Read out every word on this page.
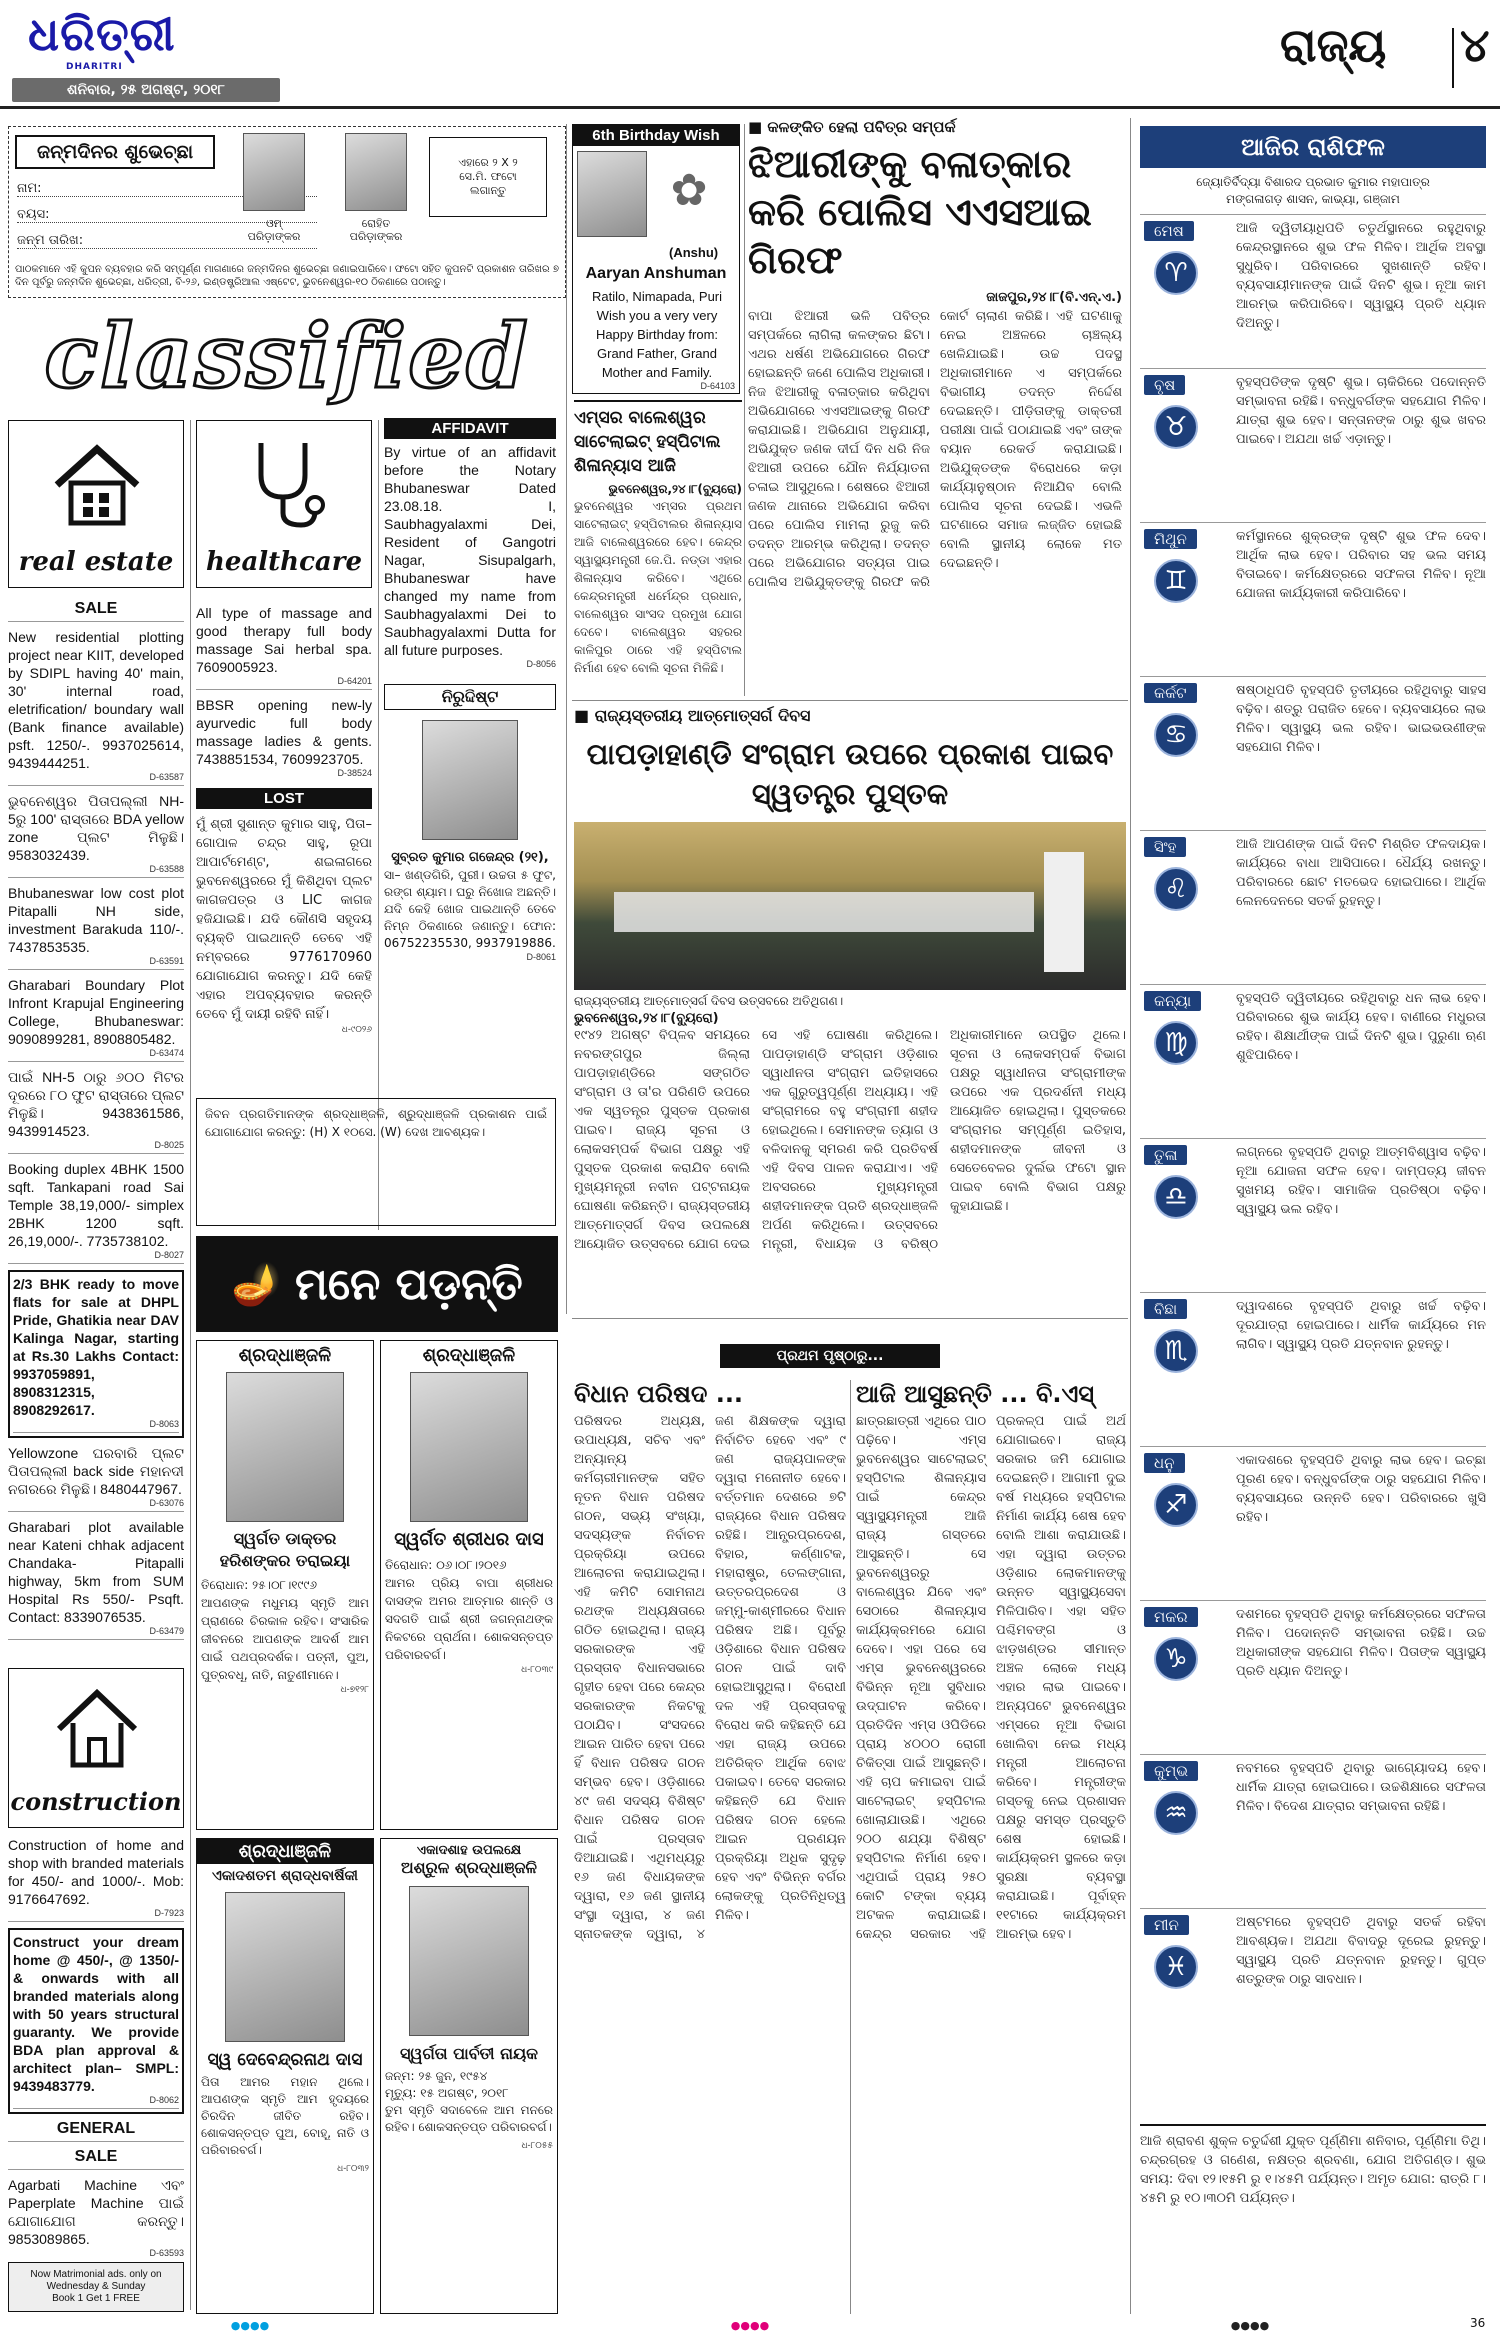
ଧରିତ୍ରୀ
DHARITRI
ଶନିବାର, ୨୫ ଅଗଷ୍ଟ, ୨୦୧୮
ରାଜ୍ୟ ୪
ଜନ୍ମଦିନର ଶୁଭେଚ୍ଛା
ନାମ:
ବୟସ:
ଜନ୍ମ ତାରିଖ:
ଓମ୍
ପରିଡ଼ାଙ୍କର
ରୋହିତ
ପରିଡ଼ାଙ୍କର
ଏହାରେ ୨ X ୨
ସେ.ମି. ଫଟୋ
ଲଗାନ୍ତୁ
ପାଠକମାନେ ଏହି କୁପନ ବ୍ୟବହାର କରି ସମ୍ପୂର୍ଣ୍ଣ ମାଗଣାରେ ଜନ୍ମଦିନର ଶୁଭେଚ୍ଛା ଜଣାଇପାରିବେ। ଫଟୋ ସହିତ କୁପନଟି ପ୍ରକାଶନ ତାରିଖର ୭ ଦିନ ପୂର୍ବରୁ ଜନ୍ମଦିନ ଶୁଭେଚ୍ଛା, ଧରିତ୍ରୀ, ବି-୨୬, ଇଣ୍ଡଷ୍ଟ୍ରିଆଲ ଏଷ୍ଟେଟ, ଭୁବନେଶ୍ୱର-୧୦ ଠିକଣାରେ ପଠାନ୍ତୁ।
6th Birthday Wish
✿
(Anshu)
Aaryan Anshuman
Ratilo, Nimapada, Puri
Wish you a very very Happy Birthday from: Grand Father, Grand Mother and Family.
D-64103
classified
real estate
SALE
New residential plotting project near KIIT, developed by SDIPL having 40' main, 30' internal road, eletrification/ boundary wall (Bank finance available) psft. 1250/-. 9937025614, 9439444251.
D-63587
ଭୁବନେଶ୍ୱର ପିତାପଲ୍ଲୀ NH-5ରୁ 100' ରାସ୍ତାରେ BDA yellow zone ପ୍ଲଟ ମିଳୁଛି। 9583032439.
D-63588
Bhubaneswar low cost plot Pitapalli NH side, investment Barakuda 110/-. 7437853535.
D-63591
Gharabari Boundary Plot Infront Krapujal Engineering College, Bhubaneswar: 9090899281, 8908805482.
D-63474
ପାଇଁ NH-5 ଠାରୁ ୬୦୦ ମିଟର ଦୂରରେ ୮୦ ଫୁଟ ରାସ୍ତାରେ ପ୍ଲଟ ମିଳୁଛି। 9438361586, 9439914523.
D-8025
Booking duplex 4BHK 1500 sqft. Tankapani road Sai Temple 38,19,000/- simplex 2BHK 1200 sqft. 26,19,000/-. 7735738102.
D-8027
2/3 BHK ready to move flats for sale at DHPL Pride, Ghatikia near DAV Kalinga Nagar, starting at Rs.30 Lakhs Contact: 9937059891, 8908312315, 8908292617.
D-8063
Yellowzone ଘରବାରି ପ୍ଲଟ ପିତାପଲ୍ଲୀ back side ମହାନଦୀ ନଗରରେ ମିଳୁଛି। 8480447967.
D-63076
Gharabari plot available near Kateni chhak adjacent Chandaka- Pitapalli highway, 5km from SUM Hospital Rs 550/- Psqft. Contact: 8339076535.
D-63479
construction
Construction of home and shop with branded materials for 450/- and 1000/-. Mob: 9176647692.
D-7923
Construct your dream home @ 450/-, @ 1350/- & onwards with all branded materials along with 50 years structural guaranty. We provide BDA plan approval & architect plan– SMPL: 9439483779.
D-8062
GENERAL
SALE
Agarbati Machine ଏବଂ Paperplate Machine ପାଇଁ ଯୋଗାଯୋଗ କରନ୍ତୁ। 9853089865.
D-63593
Now Matrimonial ads. only on Wednesday & Sunday
Book 1 Get 1 FREE
healthcare
All type of massage and good therapy full body massage Sai herbal spa. 7609005923.
D-64201
BBSR opening new-ly ayurvedic full body massage ladies & gents. 7438851534, 7609923705.
D-38524
LOST
ମୁଁ ଶ୍ରୀ ସୁଶାନ୍ତ କୁମାର ସାହୁ, ପିତା– ଗୋପାଳ ଚନ୍ଦ୍ର ସାହୁ, ରୂପା ଆପାର୍ଟମେଣ୍ଟ, ଶଇଳାଗରେ ଭୁବନେଶ୍ୱରରେ ମୁଁ କିଶିଥିବା ପ୍ଲଟ କାଗଜପତ୍ର ଓ LIC କାଗଜ ହଜିଯାଇଛି। ଯଦି କୌଣସି ସହୃଦୟ ବ୍ୟକ୍ତି ପାଇଥାନ୍ତି ତେବେ ଏହି ନମ୍ବରରେ 9776170960 ଯୋଗାଯୋଗ କରନ୍ତୁ। ଯଦି କେହି ଏହାର ଅପବ୍ୟବହାର କରନ୍ତି ତେବେ ମୁଁ ଦାୟୀ ରହିବି ନାହିଁ।
ଧ-୯୦୨୬
AFFIDAVIT
By virtue of an affidavit before the Notary Bhubaneswar Dated 23.08.18. I, Saubhagyalaxmi Dei, Resident of Gangotri Nagar, Sisupalgarh, Bhubaneswar have changed my name from Saubhagyalaxmi Dei to Saubhagyalaxmi Dutta for all future purposes.
D-8056
ନିରୁଦ୍ଦିଷ୍ଟ
ସୁବ୍ରତ କୁମାର ଗଜେନ୍ଦ୍ର (୨୧),
ସା– ଖଣ୍ଡଗିରି, ପୁରୀ। ଉଚ୍ଚତା ୫ ଫୁଟ, ରଙ୍ଗ ଶ୍ୟାମ। ଘରୁ ନିଖୋଜ ଅଛନ୍ତି। ଯଦି କେହି ଖୋଜ ପାଇଥାନ୍ତି ତେବେ ନିମ୍ନ ଠିକଣାରେ ଜଣାନ୍ତୁ। ଫୋନ: 06752235530, 9937919886.
D-8061
ଜିବନ ପ୍ରଗତିମାନଙ୍କ ଶ୍ରଦ୍ଧାଞ୍ଜଳି, ଶ୍ରୁଦ୍ଧାଞ୍ଜଳି ପ୍ରକାଶନ ପାଇଁ ଯୋଗାଯୋଗ କରନ୍ତୁ: (H) X ୧୦ସେ. (W) ଦେଖ ଆବଶ୍ୟକ।
🪔 ମନେ ପଡ଼ନ୍ତି
ଶ୍ରଦ୍ଧାଞ୍ଜଳି
ସ୍ୱର୍ଗତ ଡାକ୍ତର ହରିଶଙ୍କର ତରାଇୟା
ତିରୋଧାନ: ୨୫।୦୮।୧୯୯୬
ଆପଣଙ୍କ ମଧୁମୟ ସ୍ମୃତି ଆମ ପ୍ରାଣରେ ଚିରକାଳ ରହିବ। ସଂସାରିକ ଜୀବନରେ ଆପଣଙ୍କ ଆଦର୍ଶ ଆମ ପାଇଁ ପଥପ୍ରଦର୍ଶକ। ପତ୍ନୀ, ପୁଅ, ପୁତ୍ରବଧୂ, ନାତି, ନାତୁଣୀମାନେ।
ଧ-୭୧୨୮
ଶ୍ରଦ୍ଧାଞ୍ଜଳି
ସ୍ୱର୍ଗତ ଶ୍ରୀଧର ଦାସ
ତିରୋଧାନ: ୦୬।୦୮।୨୦୧୬
ଆମର ପ୍ରିୟ ବାପା ଶ୍ରୀଧର ଦାସଙ୍କ ଅମର ଆତ୍ମାର ଶାନ୍ତି ଓ ସଦଗତି ପାଇଁ ଶ୍ରୀ ଜଗନ୍ନାଥଙ୍କ ନିକଟରେ ପ୍ରାର୍ଥନା। ଶୋକସନ୍ତପ୍ତ ପରିବାରବର୍ଗ।
ଧ-୮୦୩୯
ଶ୍ରଦ୍ଧାଞ୍ଜଳି
ଏକାଦଶତମ ଶ୍ରାଦ୍ଧବାର୍ଷିକୀ
ସ୍ୱ ଦେବେନ୍ଦ୍ରନାଥ ଦାସ
ପିତା ଆମର ମହାନ ଥିଲେ। ଆପଣଙ୍କ ସ୍ମୃତି ଆମ ହୃଦୟରେ ଚିରଦିନ ଜୀବିତ ରହିବ। ଶୋକସନ୍ତପ୍ତ ପୁଅ, ବୋହୂ, ନାତି ଓ ପରିବାରବର୍ଗ।
ଧ-୮୦୩୨
ଏକାଦଶାହ ଉପଲକ୍ଷେ
ଅଶ୍ରୁଳ ଶ୍ରଦ୍ଧାଞ୍ଜଳି
ସ୍ୱର୍ଗତା ପାର୍ବତୀ ନାୟକ
ଜନ୍ମ: ୨୫ ଜୁନ, ୧୯୫୪
ମୃତ୍ୟୁ: ୧୫ ଅଗଷ୍ଟ, ୨୦୧୮
ତୁମ ସ୍ମୃତି ସଦାବେଳେ ଆମ ମନରେ ରହିବ। ଶୋକସନ୍ତପ୍ତ ପରିବାରବର୍ଗ।
ଧ-୮୦୫୫
■ କଳଙ୍କିତ ହେଲା ପବିତ୍ର ସମ୍ପର୍କ
ଝିଆରୀଙ୍କୁ ବଳାତ୍କାର କରି ପୋଲିସ ଏଏସଆଇ ଗିରଫ
ଜାଜପୁର,୨୪।୮(ବି.ଏନ୍.ଏ.)
ବାପା ଝିଆରୀ ଭଳି ପବିତ୍ର ସମ୍ପର୍କରେ ଲାଗିଲା କଳଙ୍କର ଛିଟା। ଏଥର ଧର୍ଷଣ ଅଭିଯୋଗରେ ଗିରଫ ହୋଇଛନ୍ତି ଜଣେ ପୋଲିସ ଅଧିକାରୀ। ନିଜ ଝିଆରୀକୁ ବଳାତ୍କାର କରିଥିବା ଅଭିଯୋଗରେ ଏଏସଆଇଙ୍କୁ ଗିରଫ କରାଯାଇଛି। ଅଭିଯୋଗ ଅନୁଯାୟୀ, ଅଭିଯୁକ୍ତ ଜଣକ ଦୀର୍ଘ ଦିନ ଧରି ନିଜ ଝିଆରୀ ଉପରେ ଯୌନ ନିର୍ଯ୍ୟାତନା ଚଳାଇ ଆସୁଥିଲେ। ଶେଷରେ ଝିଆରୀ ଜଣକ ଥାନାରେ ଅଭିଯୋଗ କରିବା ପରେ ପୋଲିସ ମାମଲା ରୁଜୁ କରି ତଦନ୍ତ ଆରମ୍ଭ କରିଥିଲା। ତଦନ୍ତ ପରେ ଅଭିଯୋଗର ସତ୍ୟତା ପାଇ ପୋଲିସ ଅଭିଯୁକ୍ତଙ୍କୁ ଗିରଫ କରି କୋର୍ଟ ଚାଲାଣ କରିଛି। ଏହି ଘଟଣାକୁ ନେଇ ଅଞ୍ଚଳରେ ଚାଞ୍ଚଲ୍ୟ ଖେଳିଯାଇଛି। ଉଚ୍ଚ ପଦସ୍ଥ ଅଧିକାରୀମାନେ ଏ ସମ୍ପର୍କରେ ବିଭାଗୀୟ ତଦନ୍ତ ନିର୍ଦ୍ଦେଶ ଦେଇଛନ୍ତି। ପୀଡ଼ିତାଙ୍କୁ ଡାକ୍ତରୀ ପରୀକ୍ଷା ପାଇଁ ପଠାଯାଇଛି ଏବଂ ତାଙ୍କ ବୟାନ ରେକର୍ଡ କରାଯାଇଛି। ଅଭିଯୁକ୍ତଙ୍କ ବିରୋଧରେ କଡ଼ା କାର୍ଯ୍ୟାନୁଷ୍ଠାନ ନିଆଯିବ ବୋଲି ପୋଲିସ ସୂଚନା ଦେଇଛି। ଏଭଳି ଘଟଣାରେ ସମାଜ ଲଜ୍ଜିତ ହୋଇଛି ବୋଲି ସ୍ଥାନୀୟ ଲୋକେ ମତ ଦେଇଛନ୍ତି।
ଏମ୍‌ସର ବାଲେଶ୍ୱର ସାଟେଲାଇଟ୍ ହସ୍ପିଟାଲ ଶିଳାନ୍ୟାସ ଆଜି
ଭୁବନେଶ୍ୱର,୨୪।୮(ବ୍ୟୁରୋ)
ଭୁବନେଶ୍ୱର ଏମ୍‌ସର ପ୍ରଥମ ସାଟେଲାଇଟ୍ ହସ୍ପିଟାଲର ଶିଳାନ୍ୟାସ ଆଜି ବାଲେଶ୍ୱରରେ ହେବ। କେନ୍ଦ୍ର ସ୍ୱାସ୍ଥ୍ୟମନ୍ତ୍ରୀ ଜେ.ପି. ନଡ୍ଡା ଏହାର ଶିଳାନ୍ୟାସ କରିବେ। ଏଥିରେ କେନ୍ଦ୍ରମନ୍ତ୍ରୀ ଧର୍ମେନ୍ଦ୍ର ପ୍ରଧାନ, ବାଲେଶ୍ୱର ସାଂସଦ ପ୍ରମୁଖ ଯୋଗ ଦେବେ। ବାଲେଶ୍ୱର ସହରର କାଳିପୁର ଠାରେ ଏହି ହସ୍ପିଟାଲ ନିର୍ମାଣ ହେବ ବୋଲି ସୂଚନା ମିଳିଛି।
■ ରାଜ୍ୟସ୍ତରୀୟ ଆତ୍ମୋତ୍ସର୍ଗ ଦିବସ
ପାପଡ଼ାହାଣ୍ଡି ସଂଗ୍ରାମ ଉପରେ ପ୍ରକାଶ ପାଇବ ସ୍ୱତନ୍ତ୍ର ପୁସ୍ତକ
ରାଜ୍ୟସ୍ତରୀୟ ଆତ୍ମୋତ୍ସର୍ଗ ଦିବସ ଉତ୍ସବରେ ଅତିଥିଗଣ।
ଭୁବନେଶ୍ୱର,୨୪।୮(ବ୍ୟୁରୋ)
୧୯୪୨ ଅଗଷ୍ଟ ବିପ୍ଳବ ସମୟରେ ନବରଙ୍ଗପୁର ଜିଲ୍ଲା ପାପଡ଼ାହାଣ୍ଡିରେ ସଙ୍ଗଠିତ ସଂଗ୍ରାମ ଓ ତା'ର ପରିଣତି ଉପରେ ଏକ ସ୍ୱତନ୍ତ୍ର ପୁସ୍ତକ ପ୍ରକାଶ ପାଇବ। ରାଜ୍ୟ ସୂଚନା ଓ ଲୋକସମ୍ପର୍କ ବିଭାଗ ପକ୍ଷରୁ ଏହି ପୁସ୍ତକ ପ୍ରକାଶ କରାଯିବ ବୋଲି ମୁଖ୍ୟମନ୍ତ୍ରୀ ନବୀନ ପଟ୍ଟନାୟକ ଘୋଷଣା କରିଛନ୍ତି। ରାଜ୍ୟସ୍ତରୀୟ ଆତ୍ମୋତ୍ସର୍ଗ ଦିବସ ଉପଲକ୍ଷେ ଆୟୋଜିତ ଉତ୍ସବରେ ଯୋଗ ଦେଇ ସେ ଏହି ଘୋଷଣା କରିଥିଲେ। ପାପଡ଼ାହାଣ୍ଡି ସଂଗ୍ରାମ ଓଡ଼ିଶାର ସ୍ୱାଧୀନତା ସଂଗ୍ରାମ ଇତିହାସରେ ଏକ ଗୁରୁତ୍ୱପୂର୍ଣ୍ଣ ଅଧ୍ୟାୟ। ଏହି ସଂଗ୍ରାମରେ ବହୁ ସଂଗ୍ରାମୀ ଶହୀଦ ହୋଇଥିଲେ। ସେମାନଙ୍କ ତ୍ୟାଗ ଓ ବଳିଦାନକୁ ସ୍ମରଣ କରି ପ୍ରତିବର୍ଷ ଏହି ଦିବସ ପାଳନ କରାଯାଏ। ଏହି ଅବସରରେ ମୁଖ୍ୟମନ୍ତ୍ରୀ ଶହୀଦମାନଙ୍କ ପ୍ରତି ଶ୍ରଦ୍ଧାଞ୍ଜଳି ଅର୍ପଣ କରିଥିଲେ। ଉତ୍ସବରେ ମନ୍ତ୍ରୀ, ବିଧାୟକ ଓ ବରିଷ୍ଠ ଅଧିକାରୀମାନେ ଉପସ୍ଥିତ ଥିଲେ। ସୂଚନା ଓ ଲୋକସମ୍ପର୍କ ବିଭାଗ ପକ୍ଷରୁ ସ୍ୱାଧୀନତା ସଂଗ୍ରାମୀଙ୍କ ଉପରେ ଏକ ପ୍ରଦର୍ଶନୀ ମଧ୍ୟ ଆୟୋଜିତ ହୋଇଥିଲା। ପୁସ୍ତକରେ ସଂଗ୍ରାମର ସମ୍ପୂର୍ଣ୍ଣ ଇତିହାସ, ଶହୀଦମାନଙ୍କ ଜୀବନୀ ଓ ସେତେବେଳର ଦୁର୍ଲଭ ଫଟୋ ସ୍ଥାନ ପାଇବ ବୋଲି ବିଭାଗ ପକ୍ଷରୁ କୁହାଯାଇଛି।
ପ୍ରଥମ ପୃଷ୍ଠାରୁ...
ବିଧାନ ପରିଷଦ ...
ପରିଷଦର ଅଧ୍ୟକ୍ଷ, ଉପାଧ୍ୟକ୍ଷ, ସଚିବ ଏବଂ ଅନ୍ୟାନ୍ୟ କର୍ମଚାରୀମାନଙ୍କ ସହିତ ନୂତନ ବିଧାନ ପରିଷଦ ଗଠନ, ସଭ୍ୟ ସଂଖ୍ୟା, ସଦସ୍ୟଙ୍କ ନିର୍ବାଚନ ପ୍ରକ୍ରିୟା ଉପରେ ଆଲୋଚନା କରାଯାଇଥିଲା। ଏହି କମିଟି ସୋମନାଥ ରଥଙ୍କ ଅଧ୍ୟକ୍ଷତାରେ ଗଠିତ ହୋଇଥିଲା। ରାଜ୍ୟ ସରକାରଙ୍କ ଏହି ପ୍ରସ୍ତାବ ବିଧାନସଭାରେ ଗୃହୀତ ହେବା ପରେ କେନ୍ଦ୍ର ସରକାରଙ୍କ ନିକଟକୁ ପଠାଯିବ। ସଂସଦରେ ଆଇନ ପାରିତ ହେବା ପରେ ହିଁ ବିଧାନ ପରିଷଦ ଗଠନ ସମ୍ଭବ ହେବ। ଓଡ଼ିଶାରେ ୪୯ ଜଣ ସଦସ୍ୟ ବିଶିଷ୍ଟ ବିଧାନ ପରିଷଦ ଗଠନ ପାଇଁ ପ୍ରସ୍ତାବ ଦିଆଯାଇଛି। ଏଥିମଧ୍ୟରୁ ୧୬ ଜଣ ବିଧାୟକଙ୍କ ଦ୍ୱାରା, ୧୬ ଜଣ ସ୍ଥାନୀୟ ସଂସ୍ଥା ଦ୍ୱାରା, ୪ ଜଣ ସ୍ନାତକଙ୍କ ଦ୍ୱାରା, ୪ ଜଣ ଶିକ୍ଷକଙ୍କ ଦ୍ୱାରା ନିର୍ବାଚିତ ହେବେ ଏବଂ ୯ ଜଣ ରାଜ୍ୟପାଳଙ୍କ ଦ୍ୱାରା ମନୋନୀତ ହେବେ। ବର୍ତ୍ତମାନ ଦେଶରେ ୭ଟି ରାଜ୍ୟରେ ବିଧାନ ପରିଷଦ ରହିଛି। ଆନ୍ଧ୍ରପ୍ରଦେଶ, ବିହାର, କର୍ଣ୍ଣାଟକ, ମହାରାଷ୍ଟ୍ର, ତେଲଙ୍ଗାନା, ଉତ୍ତରପ୍ରଦେଶ ଓ ଜମ୍ମୁ-କାଶ୍ମୀରରେ ବିଧାନ ପରିଷଦ ଅଛି। ପୂର୍ବରୁ ଓଡ଼ିଶାରେ ବିଧାନ ପରିଷଦ ଗଠନ ପାଇଁ ଦାବି ହୋଇଆସୁଥିଲା। ବିରୋଧୀ ଦଳ ଏହି ପ୍ରସ୍ତାବକୁ ବିରୋଧ କରି କହିଛନ୍ତି ଯେ ଏହା ରାଜ୍ୟ ଉପରେ ଅତିରିକ୍ତ ଆର୍ଥିକ ବୋଝ ପକାଇବ। ତେବେ ସରକାର କହିଛନ୍ତି ଯେ ବିଧାନ ପରିଷଦ ଗଠନ ହେଲେ ଆଇନ ପ୍ରଣୟନ ପ୍ରକ୍ରିୟା ଅଧିକ ସୁଦୃଢ଼ ହେବ ଏବଂ ବିଭିନ୍ନ ବର୍ଗର ଲୋକଙ୍କୁ ପ୍ରତିନିଧିତ୍ୱ ମିଳିବ।
ଆଜି ଆସୁଛନ୍ତି ... ବି.ଏସ୍
ଛାତ୍ରଛାତ୍ରୀ ଏଥିରେ ପାଠ ପଢ଼ିବେ। ଏମ୍‌ସ ଭୁବନେଶ୍ୱର ସାଟେଲାଇଟ୍ ହସ୍ପିଟାଲ ଶିଳାନ୍ୟାସ ପାଇଁ କେନ୍ଦ୍ର ସ୍ୱାସ୍ଥ୍ୟମନ୍ତ୍ରୀ ଆଜି ରାଜ୍ୟ ଗସ୍ତରେ ଆସୁଛନ୍ତି। ସେ ଭୁବନେଶ୍ୱରରୁ ବାଲେଶ୍ୱର ଯିବେ ଏବଂ ସେଠାରେ ଶିଳାନ୍ୟାସ କାର୍ଯ୍ୟକ୍ରମରେ ଯୋଗ ଦେବେ। ଏହା ପରେ ସେ ଏମ୍‌ସ ଭୁବନେଶ୍ୱରରେ ବିଭିନ୍ନ ନୂଆ ସୁବିଧାର ଉଦ୍‌ଘାଟନ କରିବେ। ପ୍ରତିଦିନ ଏମ୍‌ସ ଓପିଡିରେ ପ୍ରାୟ ୪୦୦୦ ରୋଗୀ ଚିକିତ୍ସା ପାଇଁ ଆସୁଛନ୍ତି। ଏହି ଚାପ କମାଇବା ପାଇଁ ସାଟେଲାଇଟ୍ ହସ୍ପିଟାଲ ଖୋଲାଯାଉଛି। ଏଥିରେ ୨୦୦ ଶଯ୍ୟା ବିଶିଷ୍ଟ ହସ୍ପିଟାଲ ନିର୍ମାଣ ହେବ। ଏଥିପାଇଁ ପ୍ରାୟ ୨୫୦ କୋଟି ଟଙ୍କା ବ୍ୟୟ ଅଟକଳ କରାଯାଇଛି। କେନ୍ଦ୍ର ସରକାର ଏହି ପ୍ରକଳ୍ପ ପାଇଁ ଅର୍ଥ ଯୋଗାଇବେ। ରାଜ୍ୟ ସରକାର ଜମି ଯୋଗାଇ ଦେଇଛନ୍ତି। ଆଗାମୀ ଦୁଇ ବର୍ଷ ମଧ୍ୟରେ ହସ୍ପିଟାଲ ନିର୍ମାଣ କାର୍ଯ୍ୟ ଶେଷ ହେବ ବୋଲି ଆଶା କରାଯାଉଛି। ଏହା ଦ୍ୱାରା ଉତ୍ତର ଓଡ଼ିଶାର ଲୋକମାନଙ୍କୁ ଉନ୍ନତ ସ୍ୱାସ୍ଥ୍ୟସେବା ମିଳିପାରିବ। ଏହା ସହିତ ପଶ୍ଚିମବଙ୍ଗ ଓ ଝାଡ଼ଖଣ୍ଡର ସୀମାନ୍ତ ଅଞ୍ଚଳ ଲୋକେ ମଧ୍ୟ ଏହାର ଲାଭ ପାଇବେ। ଅନ୍ୟପଟେ ଭୁବନେଶ୍ୱର ଏମ୍‌ସରେ ନୂଆ ବିଭାଗ ଖୋଲିବା ନେଇ ମଧ୍ୟ ମନ୍ତ୍ରୀ ଆଲୋଚନା କରିବେ। ମନ୍ତ୍ରୀଙ୍କ ଗସ୍ତକୁ ନେଇ ପ୍ରଶାସନ ପକ୍ଷରୁ ସମସ୍ତ ପ୍ରସ୍ତୁତି ଶେଷ ହୋଇଛି। କାର୍ଯ୍ୟକ୍ରମ ସ୍ଥଳରେ କଡ଼ା ସୁରକ୍ଷା ବ୍ୟବସ୍ଥା କରାଯାଇଛି। ପୂର୍ବାହ୍ନ ୧୧ଟାରେ କାର୍ଯ୍ୟକ୍ରମ ଆରମ୍ଭ ହେବ।
ଆଜିର ରାଶିଫଳ
ଜ୍ୟୋତିର୍ବିଦ୍ୟା ବିଶାରଦ ପ୍ରଭାତ କୁମାର ମହାପାତ୍ର
ମଙ୍ଗଳାଗଡ଼ ଶାସନ, କାଭ୍ୟା, ଗଞ୍ଜାମ
ମେଷ
♈
ଆଜି ଦ୍ୱିତୀୟାଧିପତି ଚତୁର୍ଥସ୍ଥାନରେ ରହୁଥିବାରୁ କେନ୍ଦ୍ରସ୍ଥାନରେ ଶୁଭ ଫଳ ମିଳିବ। ଆର୍ଥିକ ଅବସ୍ଥା ସୁଧୁରିବ। ପରିବାରରେ ସୁଖଶାନ୍ତି ରହିବ। ବ୍ୟବସାୟୀମାନଙ୍କ ପାଇଁ ଦିନଟି ଶୁଭ। ନୂଆ କାମ ଆରମ୍ଭ କରିପାରିବେ। ସ୍ୱାସ୍ଥ୍ୟ ପ୍ରତି ଧ୍ୟାନ ଦିଅନ୍ତୁ।
ବୃଷ
♉
ବୃହସ୍ପତିଙ୍କ ଦୃଷ୍ଟି ଶୁଭ। ଚାକିରିରେ ପଦୋନ୍ନତି ସମ୍ଭାବନା ରହିଛି। ବନ୍ଧୁବର୍ଗଙ୍କ ସହଯୋଗ ମିଳିବ। ଯାତ୍ରା ଶୁଭ ହେବ। ସନ୍ତାନଙ୍କ ଠାରୁ ଶୁଭ ଖବର ପାଇବେ। ଅଯଥା ଖର୍ଚ୍ଚ ଏଡ଼ାନ୍ତୁ।
ମିଥୁନ
♊
କର୍ମସ୍ଥାନରେ ଶୁକ୍ରଙ୍କ ଦୃଷ୍ଟି ଶୁଭ ଫଳ ଦେବ। ଆର୍ଥିକ ଲାଭ ହେବ। ପରିବାର ସହ ଭଲ ସମୟ ବିତାଇବେ। କର୍ମକ୍ଷେତ୍ରରେ ସଫଳତା ମିଳିବ। ନୂଆ ଯୋଜନା କାର୍ଯ୍ୟକାରୀ କରିପାରିବେ।
କର୍କଟ
♋
ଷଷ୍ଠାଧିପତି ବୃହସ୍ପତି ତୃତୀୟରେ ରହିଥିବାରୁ ସାହସ ବଢ଼ିବ। ଶତ୍ରୁ ପରାଜିତ ହେବେ। ବ୍ୟବସାୟରେ ଲାଭ ମିଳିବ। ସ୍ୱାସ୍ଥ୍ୟ ଭଲ ରହିବ। ଭାଇଭଉଣୀଙ୍କ ସହଯୋଗ ମିଳିବ।
ସିଂହ
♌
ଆଜି ଆପଣଙ୍କ ପାଇଁ ଦିନଟି ମିଶ୍ରିତ ଫଳଦାୟକ। କାର୍ଯ୍ୟରେ ବାଧା ଆସିପାରେ। ଧୈର୍ଯ୍ୟ ରଖନ୍ତୁ। ପରିବାରରେ ଛୋଟ ମତଭେଦ ହୋଇପାରେ। ଆର୍ଥିକ ଲେନଦେନରେ ସତର୍କ ରୁହନ୍ତୁ।
କନ୍ୟା
♍
ବୃହସ୍ପତି ଦ୍ୱିତୀୟରେ ରହିଥିବାରୁ ଧନ ଲାଭ ହେବ। ପରିବାରରେ ଶୁଭ କାର୍ଯ୍ୟ ହେବ। ବାଣୀରେ ମଧୁରତା ରହିବ। ଶିକ୍ଷାର୍ଥୀଙ୍କ ପାଇଁ ଦିନଟି ଶୁଭ। ପୁରୁଣା ଋଣ ଶୁଝିପାରିବେ।
ତୁଳା
♎
ଲଗ୍ନରେ ବୃହସ୍ପତି ଥିବାରୁ ଆତ୍ମବିଶ୍ୱାସ ବଢ଼ିବ। ନୂଆ ଯୋଜନା ସଫଳ ହେବ। ଦାମ୍ପତ୍ୟ ଜୀବନ ସୁଖମୟ ରହିବ। ସାମାଜିକ ପ୍ରତିଷ୍ଠା ବଢ଼ିବ। ସ୍ୱାସ୍ଥ୍ୟ ଭଲ ରହିବ।
ବିଛା
♏
ଦ୍ୱାଦଶରେ ବୃହସ୍ପତି ଥିବାରୁ ଖର୍ଚ୍ଚ ବଢ଼ିବ। ଦୂରଯାତ୍ରା ହୋଇପାରେ। ଧାର୍ମିକ କାର୍ଯ୍ୟରେ ମନ ଲାଗିବ। ସ୍ୱାସ୍ଥ୍ୟ ପ୍ରତି ଯତ୍ନବାନ ରୁହନ୍ତୁ।
ଧନୁ
♐
ଏକାଦଶରେ ବୃହସ୍ପତି ଥିବାରୁ ଲାଭ ହେବ। ଇଚ୍ଛା ପୂରଣ ହେବ। ବନ୍ଧୁବର୍ଗଙ୍କ ଠାରୁ ସହଯୋଗ ମିଳିବ। ବ୍ୟବସାୟରେ ଉନ୍ନତି ହେବ। ପରିବାରରେ ଖୁସି ରହିବ।
ମକର
♑
ଦଶମରେ ବୃହସ୍ପତି ଥିବାରୁ କର୍ମକ୍ଷେତ୍ରରେ ସଫଳତା ମିଳିବ। ପଦୋନ୍ନତି ସମ୍ଭାବନା ରହିଛି। ଉଚ୍ଚ ଅଧିକାରୀଙ୍କ ସହଯୋଗ ମିଳିବ। ପିତାଙ୍କ ସ୍ୱାସ୍ଥ୍ୟ ପ୍ରତି ଧ୍ୟାନ ଦିଅନ୍ତୁ।
କୁମ୍ଭ
♒
ନବମରେ ବୃହସ୍ପତି ଥିବାରୁ ଭାଗ୍ୟୋଦୟ ହେବ। ଧାର୍ମିକ ଯାତ୍ରା ହୋଇପାରେ। ଉଚ୍ଚଶିକ୍ଷାରେ ସଫଳତା ମିଳିବ। ବିଦେଶ ଯାତ୍ରାର ସମ୍ଭାବନା ରହିଛି।
ମୀନ
♓
ଅଷ୍ଟମରେ ବୃହସ୍ପତି ଥିବାରୁ ସତର୍କ ରହିବା ଆବଶ୍ୟକ। ଅଯଥା ବିବାଦରୁ ଦୂରେଇ ରୁହନ୍ତୁ। ସ୍ୱାସ୍ଥ୍ୟ ପ୍ରତି ଯତ୍ନବାନ ରୁହନ୍ତୁ। ଗୁପ୍ତ ଶତ୍ରୁଙ୍କ ଠାରୁ ସାବଧାନ।
ଆଜି ଶ୍ରାବଣ ଶୁକ୍ଳ ଚତୁର୍ଦ୍ଦଶୀ ଯୁକ୍ତ ପୂର୍ଣ୍ଣିମା ଶନିବାର, ପୂର୍ଣ୍ଣିମା ତିଥି। ଚନ୍ଦ୍ରଗ୍ରହ ଓ ଗଣେଶ, ନକ୍ଷତ୍ର ଶ୍ରବଣା, ଯୋଗ ଅତିଗଣ୍ଡ। ଶୁଭ ସମୟ: ଦିବା ୧୨।୧୫ମି ରୁ ୧।୪୫ମି ପର୍ଯ୍ୟନ୍ତ। ଅମୃତ ଯୋଗ: ରାତ୍ରି ୮।୪୫ମି ରୁ ୧୦।୩୦ମି ପର୍ଯ୍ୟନ୍ତ।
●●●●	●●●●	●●●●	36
